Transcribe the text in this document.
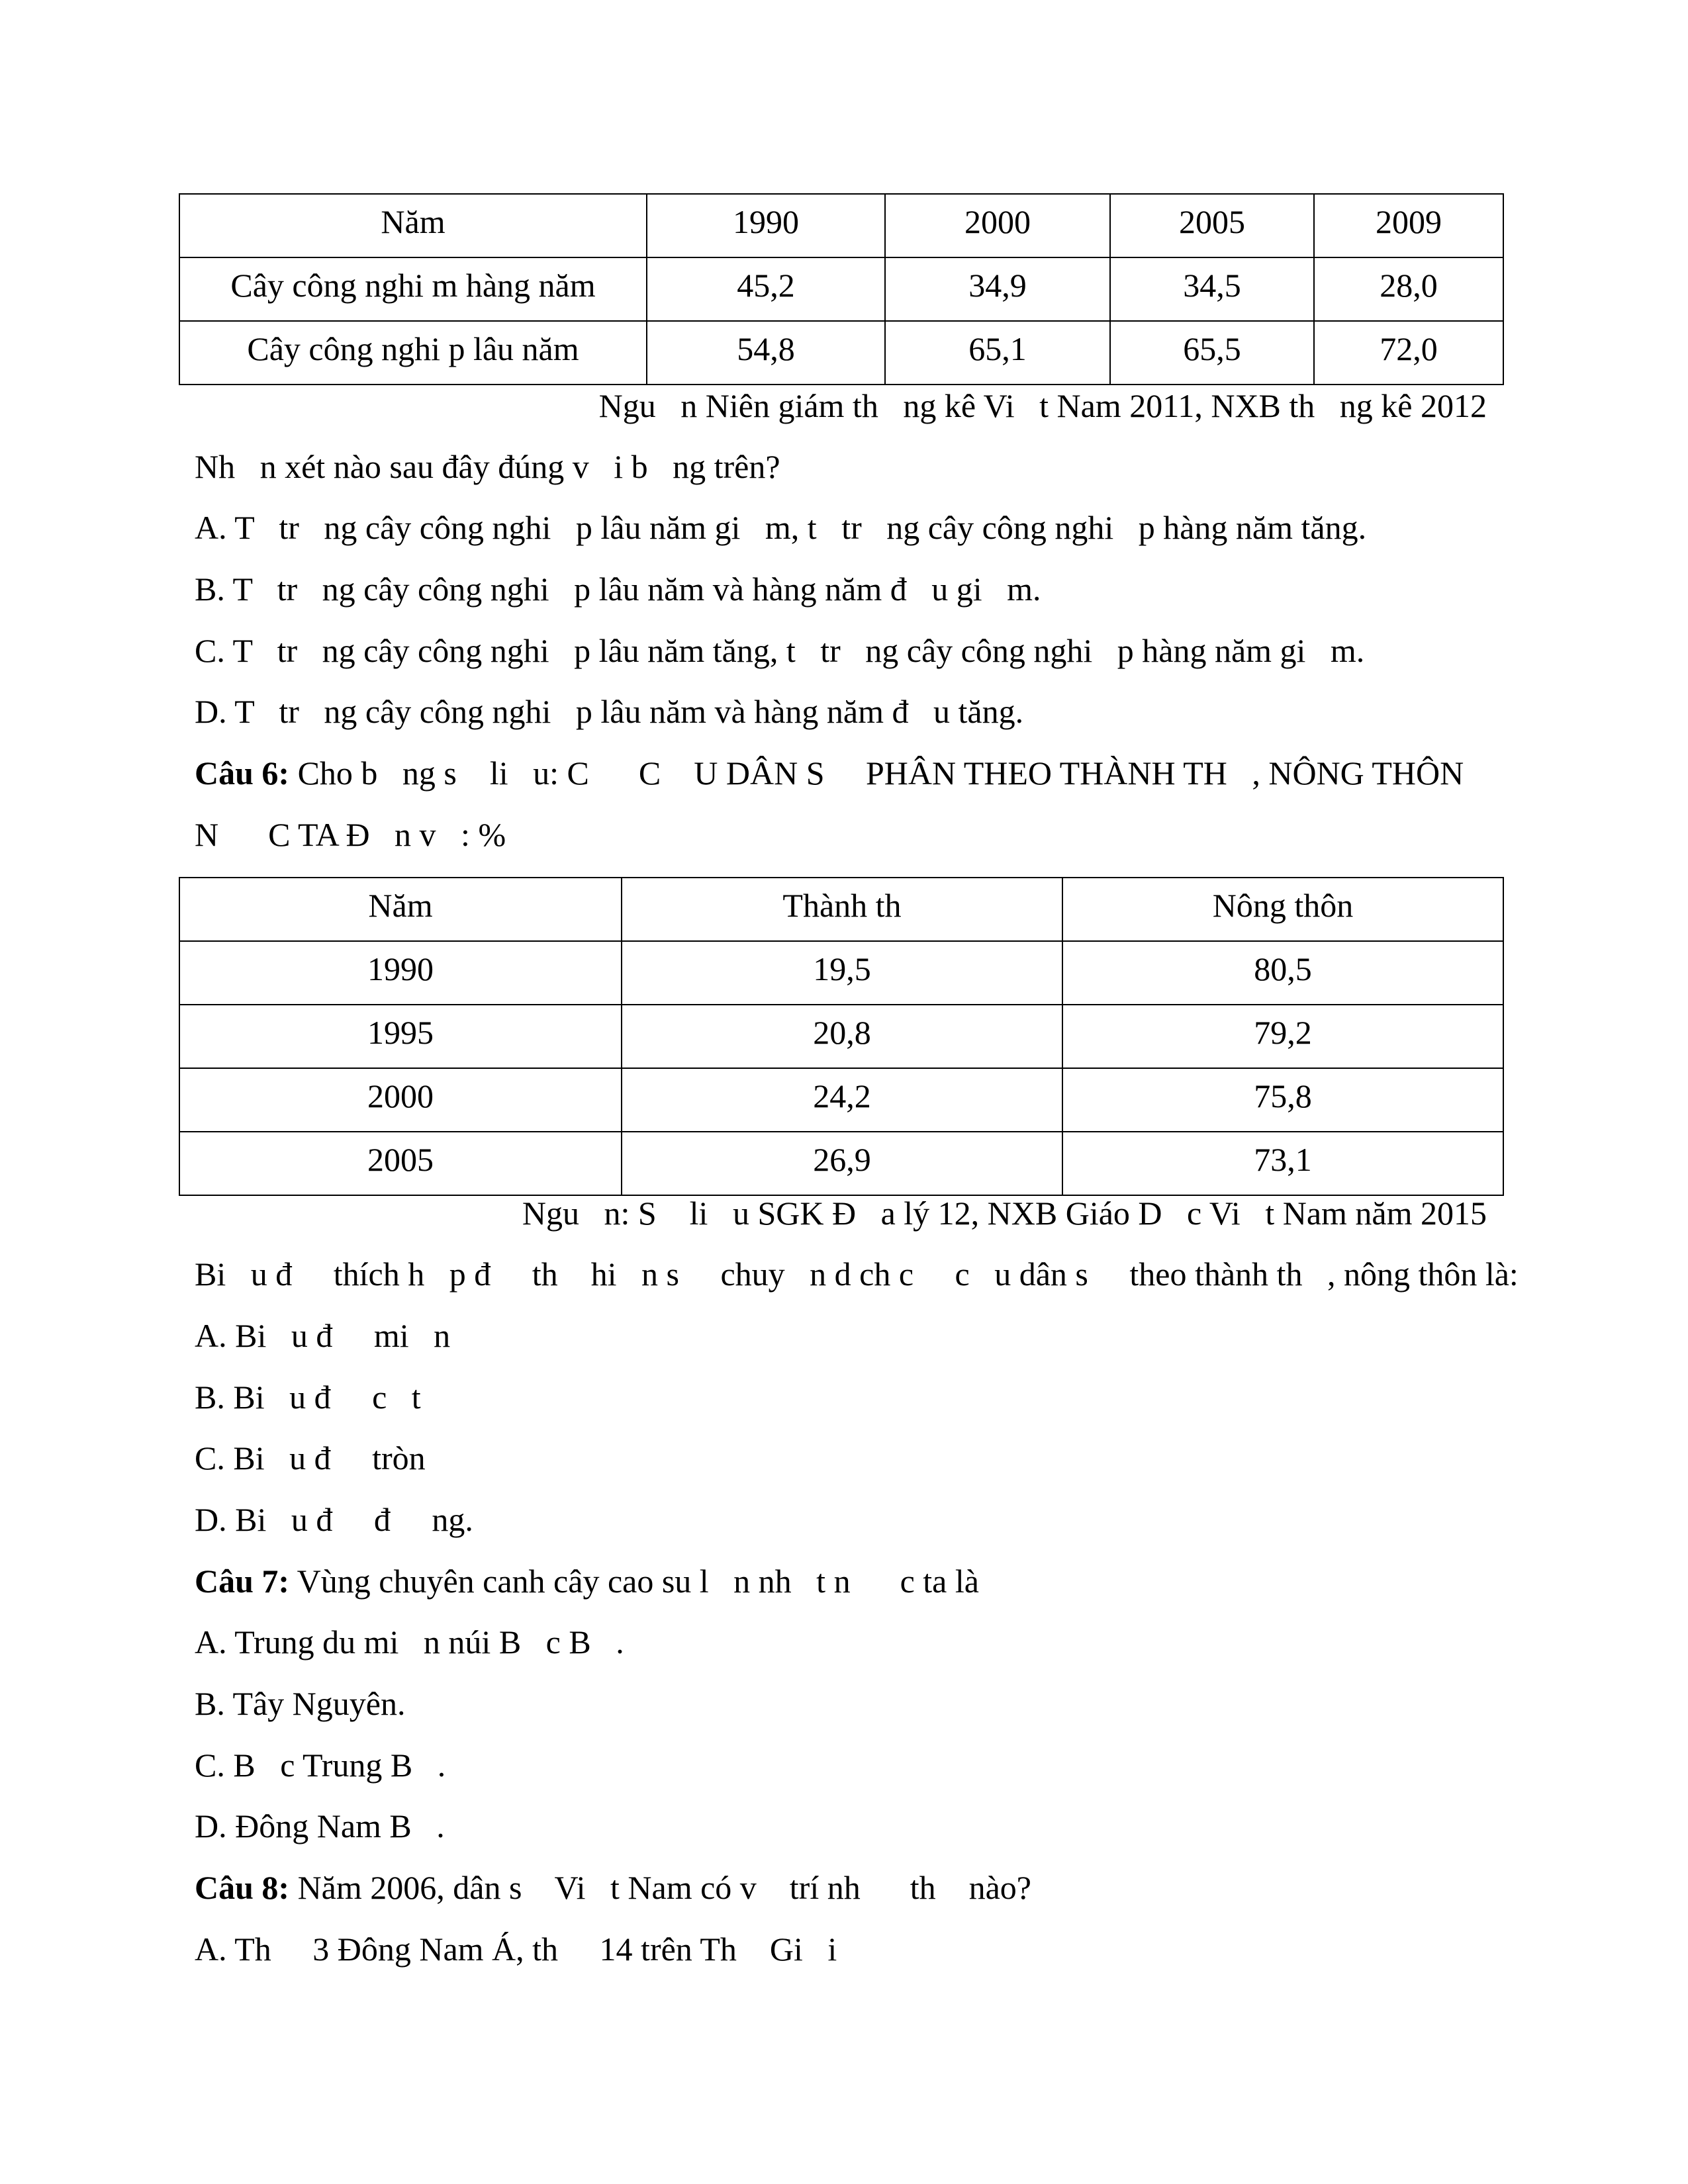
Năm	1990	2000	2005	2009
Cây công nghi m hàng năm	45,2	34,9	34,5	28,0
Cây công nghi p lâu năm	54,8	65,1	65,5	72,0
Ngu   n Niên giám th   ng kê Vi   t Nam 2011, NXB th   ng kê 2012
Nh   n xét nào sau đây đúng v   i b   ng trên?
A. T   tr   ng cây công nghi   p lâu năm gi   m, t   tr   ng cây công nghi   p hàng năm tăng.
B. T   tr   ng cây công nghi   p lâu năm và hàng năm đ   u gi   m.
C. T   tr   ng cây công nghi   p lâu năm tăng, t   tr   ng cây công nghi   p hàng năm gi   m.
D. T   tr   ng cây công nghi   p lâu năm và hàng năm đ   u tăng.
Câu 6: Cho b   ng s    li   u: C      C    U DÂN S     PHÂN THEO THÀNH TH   , NÔNG THÔN
N      C TA Đ   n v   : %
Năm	Thành th	Nông thôn
1990	19,5	80,5
1995	20,8	79,2
2000	24,2	75,8
2005	26,9	73,1
Ngu   n: S    li   u SGK Đ   a lý 12, NXB Giáo D   c Vi   t Nam năm 2015
Bi   u đ     thích h   p đ     th    hi   n s     chuy   n d ch c     c   u dân s     theo thành th   , nông thôn là:
A. Bi   u đ     mi   n
B. Bi   u đ     c   t
C. Bi   u đ     tròn
D. Bi   u đ     đ     ng.
Câu 7: Vùng chuyên canh cây cao su l   n nh   t n      c ta là
A. Trung du mi   n núi B   c B   .
B. Tây Nguyên.
C. B   c Trung B   .
D. Đông Nam B   .
Câu 8: Năm 2006, dân s    Vi   t Nam có v    trí nh      th    nào?
A. Th     3 Đông Nam Á, th     14 trên Th    Gi   i
